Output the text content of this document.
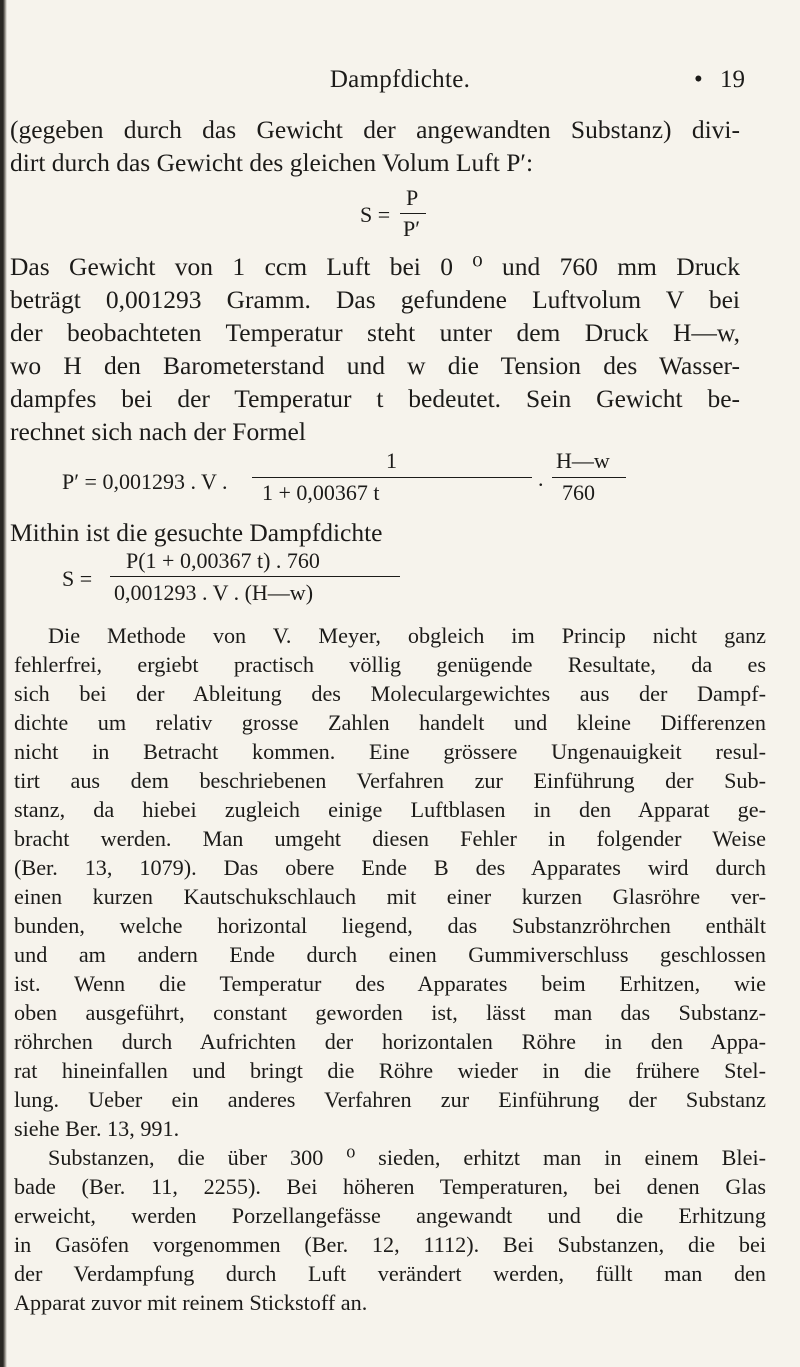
Dampfdichte.	• 19
(gegeben durch das Gewicht der angewandten Substanz) divi-
dirt durch das Gewicht des gleichen Volum Luft P′:
S =
P
P′
Das Gewicht von 1 ccm Luft bei 0 ⁰ und 760 mm Druck
beträgt 0,001293 Gramm. Das gefundene Luftvolum V bei
der beobachteten Temperatur steht unter dem Druck H—w,
wo H den Barometerstand und w die Tension des Wasser-
dampfes bei der Temperatur t bedeutet. Sein Gewicht be-
rechnet sich nach der Formel
P′ = 0,001293 . V .
1
1 + 0,00367 t
.
H—w
760
Mithin ist die gesuchte Dampfdichte
S =
P(1 + 0,00367 t) . 760
0,001293 . V . (H—w)
Die Methode von V. Meyer, obgleich im Princip nicht ganz
fehlerfrei, ergiebt practisch völlig genügende Resultate, da es
sich bei der Ableitung des Moleculargewichtes aus der Dampf-
dichte um relativ grosse Zahlen handelt und kleine Differenzen
nicht in Betracht kommen. Eine grössere Ungenauigkeit resul-
tirt aus dem beschriebenen Verfahren zur Einführung der Sub-
stanz, da hiebei zugleich einige Luftblasen in den Apparat ge-
bracht werden. Man umgeht diesen Fehler in folgender Weise
(Ber. 13, 1079). Das obere Ende B des Apparates wird durch
einen kurzen Kautschukschlauch mit einer kurzen Glasröhre ver-
bunden, welche horizontal liegend, das Substanzröhrchen enthält
und am andern Ende durch einen Gummiverschluss geschlossen
ist. Wenn die Temperatur des Apparates beim Erhitzen, wie
oben ausgeführt, constant geworden ist, lässt man das Substanz-
röhrchen durch Aufrichten der horizontalen Röhre in den Appa-
rat hineinfallen und bringt die Röhre wieder in die frühere Stel-
lung. Ueber ein anderes Verfahren zur Einführung der Substanz
siehe Ber. 13, 991.
Substanzen, die über 300 ⁰ sieden, erhitzt man in einem Blei-
bade (Ber. 11, 2255). Bei höheren Temperaturen, bei denen Glas
erweicht, werden Porzellangefässe angewandt und die Erhitzung
in Gasöfen vorgenommen (Ber. 12, 1112). Bei Substanzen, die bei
der Verdampfung durch Luft verändert werden, füllt man den
Apparat zuvor mit reinem Stickstoff an.
